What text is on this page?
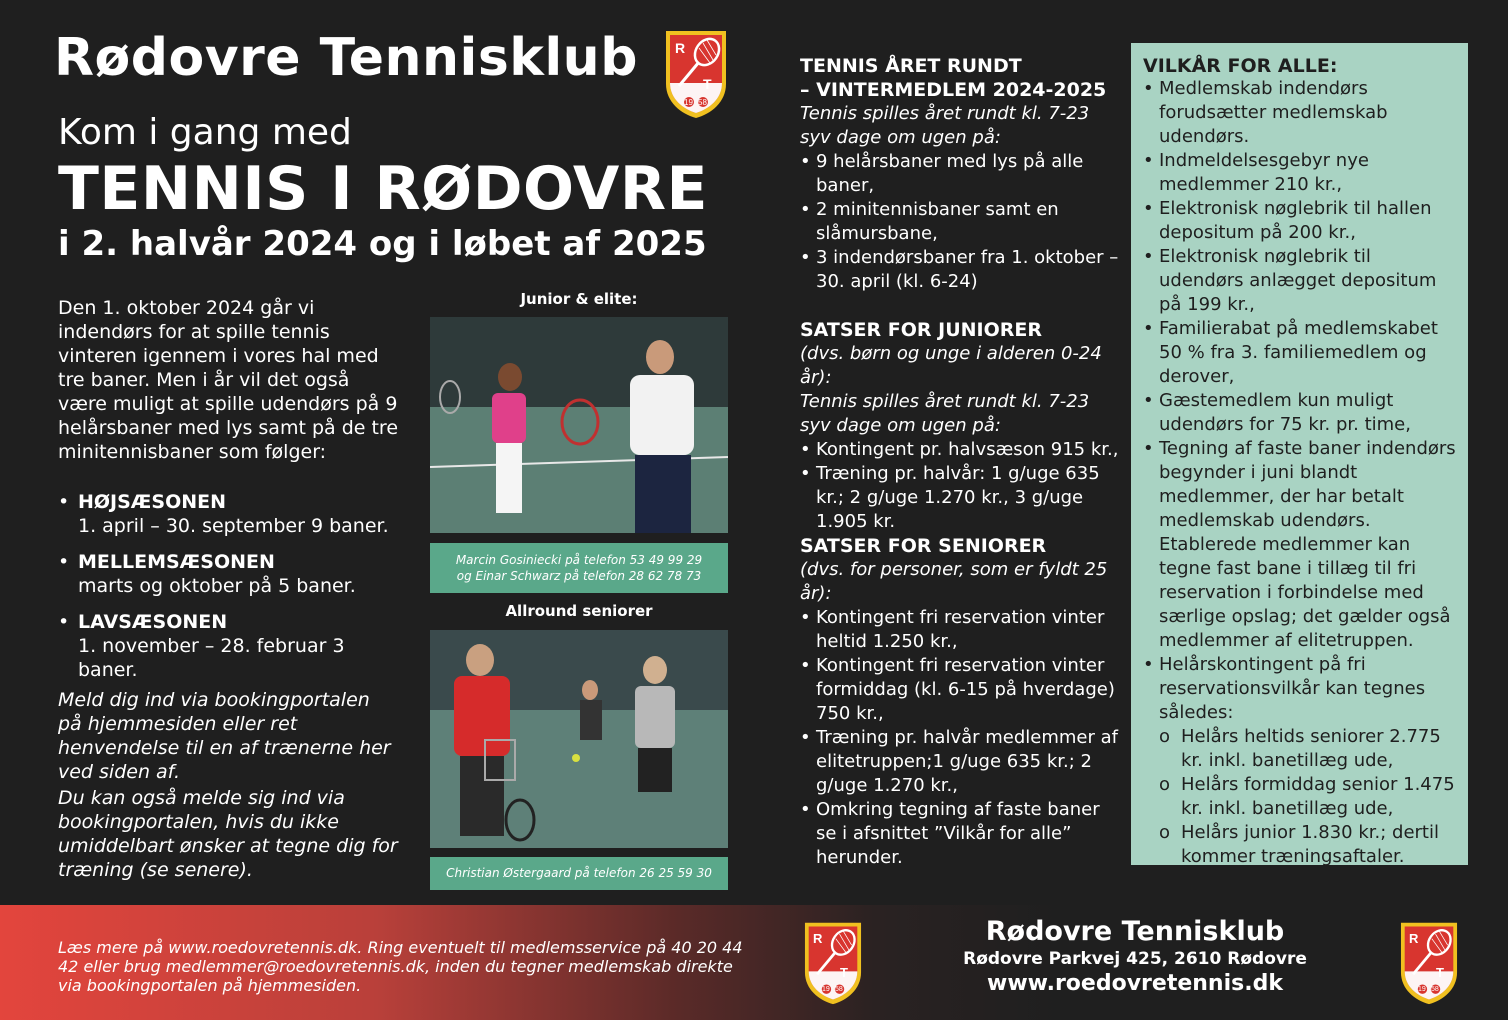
Rødovre Tennisklub	R
T
19 58
Kom i gang med
TENNIS I RØDOVRE
i 2. halvår 2024 og i løbet af 2025

Den 1. oktober 2024 går vi indendørs for at spille tennis vinteren igennem i vores hal med tre baner. Men i år vil det også være muligt at spille udendørs på 9 helårsbaner med lys samt på de tre minitennisbaner som følger:

• HØJSÆSONEN
1. april – 30. september 9 baner.
• MELLEMSÆSONEN
marts og oktober på 5 baner.
• LAVSÆSONEN
1. november – 28. februar 3 baner.

Meld dig ind via bookingportalen på hjemmesiden eller ret henvendelse til en af trænerne her ved siden af.

Du kan også melde sig ind via bookingportalen, hvis du ikke umiddelbart ønsker at tegne dig for træning (se senere).

Junior & elite:
Marcin Gosiniecki på telefon 53 49 99 29
og Einar Schwarz på telefon 28 62 78 73
Allround seniorer
Christian Østergaard på telefon 26 25 59 30
TENNIS ÅRET RUNDT
– VINTERMEDLEM 2024-2025

Tennis spilles året rundt kl. 7-23 syv dage om ugen på:

• 9 helårsbaner med lys på alle baner,
• 2 minitennisbaner samt en slåmursbane,
• 3 indendørsbaner fra 1. oktober – 30. april (kl. 6-24)
SATSER FOR JUNIORER

(dvs. børn og unge i alderen 0-24 år):

Tennis spilles året rundt kl. 7-23 syv dage om ugen på:

• Kontingent pr. halvsæson 915 kr.,
• Træning pr. halvår: 1 g/uge 635 kr.; 2 g/uge 1.270 kr., 3 g/uge 1.905 kr.
SATSER FOR SENIORER

(dvs. for personer, som er fyldt 25 år):

• Kontingent fri reservation vinter heltid 1.250 kr.,
• Kontingent fri reservation vinter formiddag (kl. 6-15 på hverdage) 750 kr.,
• Træning pr. halvår medlemmer af elitetruppen;1 g/uge 635 kr.; 2 g/uge 1.270 kr.,
• Omkring tegning af faste baner se i afsnittet ”Vilkår for alle” herunder.
VILKÅR FOR ALLE:
• Medlemskab indendørs forudsætter medlemskab udendørs.
• Indmeldelsesgebyr nye medlemmer 210 kr.,
• Elektronisk nøglebrik til hallen depositum på 200 kr.,
• Elektronisk nøglebrik til udendørs anlægget depositum på 199 kr.,
• Familierabat på medlemskabet 50 % fra 3. familiemedlem og derover,
• Gæstemedlem kun muligt udendørs for 75 kr. pr. time,
• Tegning af faste baner indendørs begynder i juni blandt medlemmer, der har betalt medlemskab udendørs. Etablerede medlemmer kan tegne fast bane i tillæg til fri reservation i forbindelse med særlige opslag; det gælder også medlemmer af elitetruppen.
• Helårskontingent på fri reservationsvilkår kan tegnes således:
o Helårs heltids seniorer 2.775 kr. inkl. banetillæg ude,
o Helårs formiddag senior 1.475 kr. inkl. banetillæg ude,
o Helårs junior 1.830 kr.; dertil kommer træningsaftaler.

Læs mere på www.roedovretennis.dk. Ring eventuelt til medlemsservice på 40 20 44 42 eller brug medlemmer@roedovretennis.dk, inden du tegner medlemskab direkte via bookingportalen på hjemmesiden.

R
T
19 58
Rødovre Tennisklub
Rødovre Parkvej 425, 2610 Rødovre
www.roedovretennis.dk
R
T
19 58
